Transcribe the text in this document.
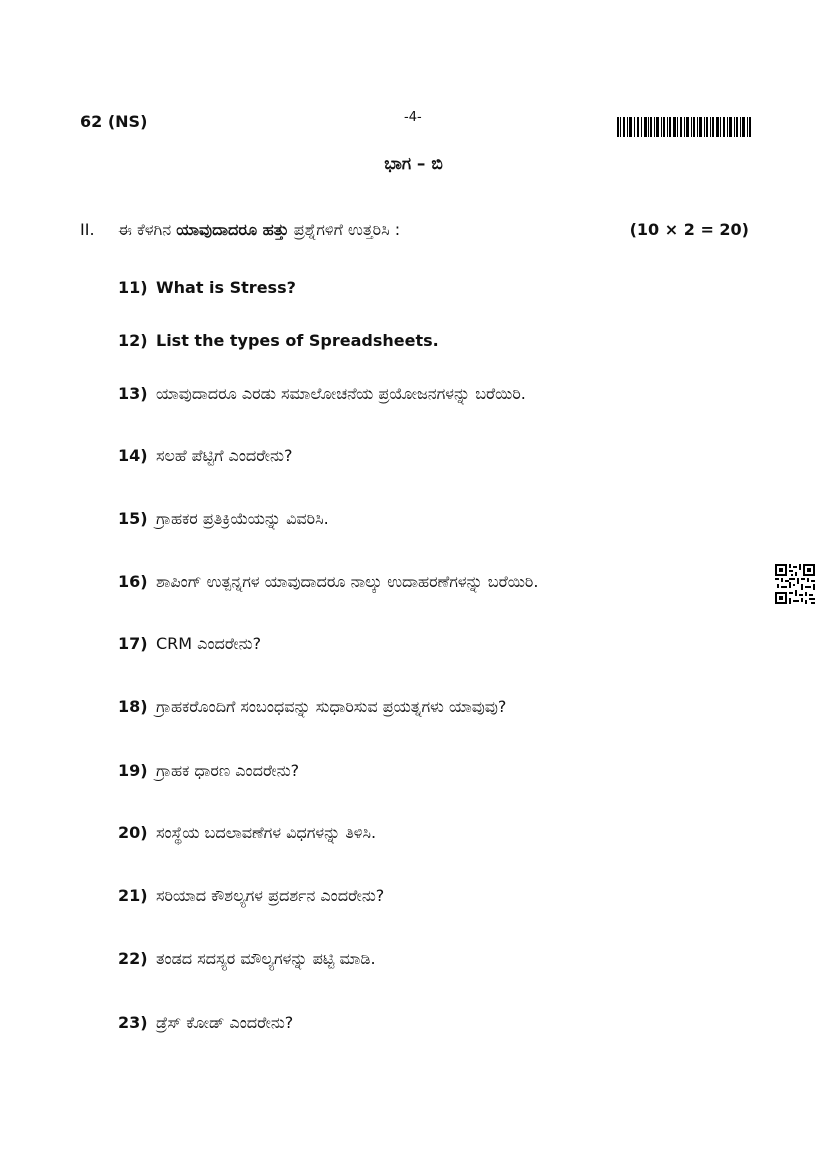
62 (NS)	-4-
ಭಾಗ – ಬಿ
II. ಈ ಕೆಳಗಿನ ಯಾವುದಾದರೂ ಹತ್ತು ಪ್ರಶ್ನೆಗಳಿಗೆ ಉತ್ತರಿಸಿ :	(10 × 2 = 20)
11) What is Stress?
12) List the types of Spreadsheets.
13) ಯಾವುದಾದರೂ ಎರಡು ಸಮಾಲೋಚನೆಯ ಪ್ರಯೋಜನಗಳನ್ನು ಬರೆಯಿರಿ.
14) ಸಲಹೆ ಪೆಟ್ಟಿಗೆ ಎಂದರೇನು?
15) ಗ್ರಾಹಕರ ಪ್ರತಿಕ್ರಿಯೆಯನ್ನು ವಿವರಿಸಿ.
16) ಶಾಪಿಂಗ್ ಉತ್ಪನ್ನಗಳ ಯಾವುದಾದರೂ ನಾಲ್ಕು ಉದಾಹರಣೆಗಳನ್ನು ಬರೆಯಿರಿ.
17) CRM ಎಂದರೇನು?
18) ಗ್ರಾಹಕರೊಂದಿಗೆ ಸಂಬಂಧವನ್ನು ಸುಧಾರಿಸುವ ಪ್ರಯತ್ನಗಳು ಯಾವುವು?
19) ಗ್ರಾಹಕ ಧಾರಣ ಎಂದರೇನು?
20) ಸಂಸ್ಥೆಯ ಬದಲಾವಣೆಗಳ ವಿಧಗಳನ್ನು ತಿಳಿಸಿ.
21) ಸರಿಯಾದ ಕೌಶಲ್ಯಗಳ ಪ್ರದರ್ಶನ ಎಂದರೇನು?
22) ತಂಡದ ಸದಸ್ಯರ ಮೌಲ್ಯಗಳನ್ನು ಪಟ್ಟಿ ಮಾಡಿ.
23) ಡ್ರೆಸ್ ಕೋಡ್ ಎಂದರೇನು?
